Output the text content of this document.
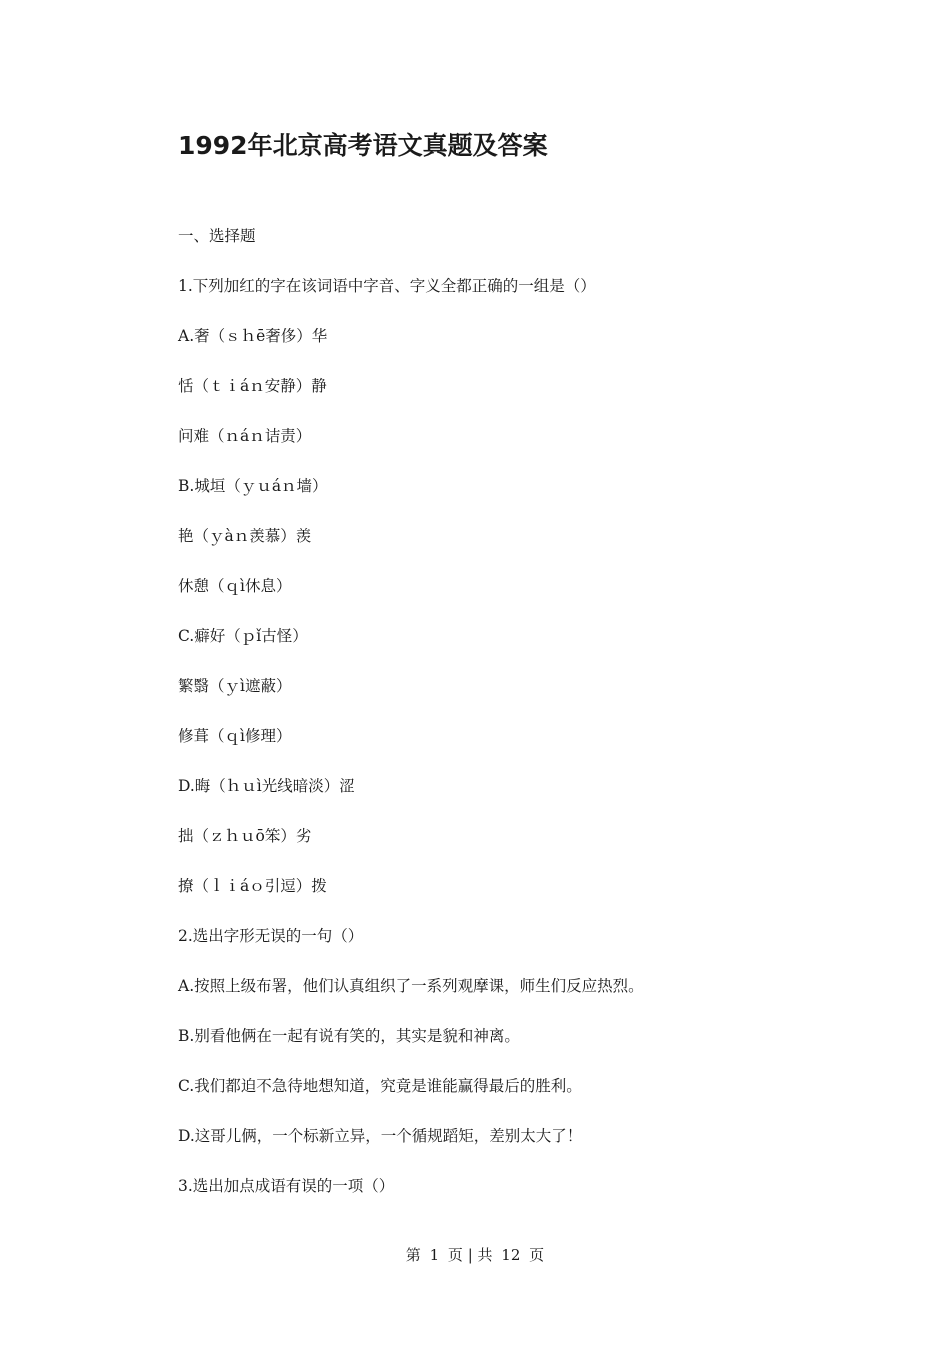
1992年北京高考语文真题及答案
一、选择题
1.下列加红的字在该词语中字音、字义全都正确的一组是（）
A.奢（ｓｈē奢侈）华
恬（ｔｉáｎ安静）静
问难（ｎáｎ诘责）
B.城垣（ｙｕáｎ墙）
艳（ｙàｎ羡慕）羡
休憩（ｑì休息）
C.癖好（ｐǐ古怪）
繁翳（ｙì遮蔽）
修葺（ｑì修理）
D.晦（ｈｕì光线暗淡）涩
拙（ｚｈｕō笨）劣
撩（ｌｉáｏ引逗）拨
2.选出字形无误的一句（）
A.按照上级布署，他们认真组织了一系列观摩课，师生们反应热烈。
B.别看他俩在一起有说有笑的，其实是貌和神离。
C.我们都迫不急待地想知道，究竟是谁能赢得最后的胜利。
D.这哥儿俩，一个标新立异，一个循规蹈矩，差别太大了！
3.选出加点成语有误的一项（）
第 1 页 | 共 12 页
